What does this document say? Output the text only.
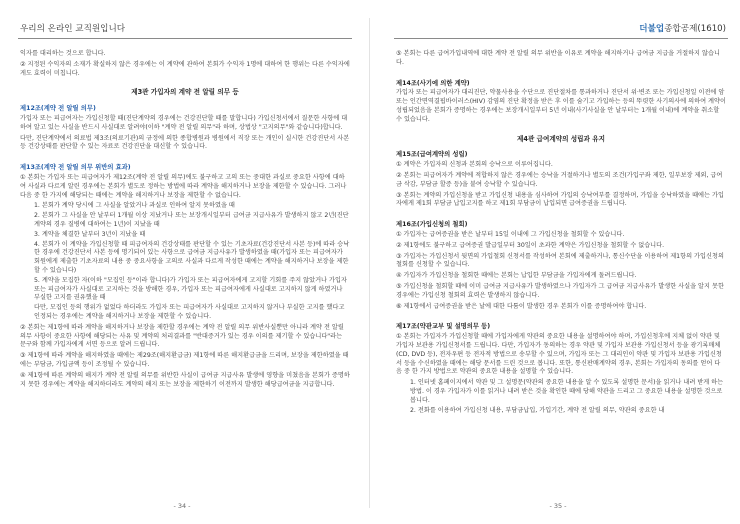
우리의 온라인 교직원입니다

익자를 대리하는 것으로 합니다.

② 지정된 수익자의 소재가 확실하지 않은 경우에는 이 계약에 관하여 본회가 수익자 1명에 대하여 한 행위는 다른 수익자에게도 효력이 미칩니다.

제3관 가입자의 계약 전 알릴 의무 등
제12조(계약 전 알릴 의무)

가입자 또는 피급여자는 가입신청할 때(진단계약의 경우에는 건강진단할 때를 말합니다) 가입신청서에서 질문한 사항에 대하여 알고 있는 사실을 반드시 사실대로 알려야(이하 "계약 전 알릴 의무"라 하며, 상법상 "고지의무"와 같습니다)합니다.

다만, 진단계약에서 의료법 제3조(의료기관)의 규정에 의한 종합병원과 병원에서 직장 또는 개인이 실시한 건강진단서 사본 등 건강상태를 판단할 수 있는 자료로 건강진단을 대신할 수 있습니다.

제13조(계약 전 알릴 의무 위반의 효과)

① 본회는 가입자 또는 피급여자가 제12조(계약 전 알릴 의무)에도 불구하고 고의 또는 중대한 과실로 중요한 사항에 대하여 사실과 다르게 알린 경우에는 본회가 별도로 정하는 방법에 따라 계약을 해지하거나 보장을 제한할 수 있습니다. 그러나 다음 중 한 가지에 해당되는 때에는 계약을 해지하거나 보장을 제한할 수 없습니다.

1. 본회가 계약 당시에 그 사실을 알았거나 과실로 인하여 알지 못하였을 때

2. 본회가 그 사실을 안 날부터 1개월 이상 지났거나 또는 보장개시일부터 급여금 지급사유가 발생하지 않고 2년(진단계약의 경우 질병에 대하여는 1년)이 지났을 때

3. 계약을 체결한 날부터 3년이 지났을 때

4. 본회가 이 계약을 가입신청할 때 피급여자의 건강상태를 판단할 수 있는 기초자료(건강진단서 사본 등)에 따라 승낙한 경우에 건강진단서 사본 등에 명기되어 있는 사항으로 급여금 지급사유가 발생하였을 때(가입자 또는 피급여자가 회원에게 제출한 기초자료의 내용 중 중요사항을 고의로 사실과 다르게 작성한 때에는 계약을 해지하거나 보장을 제한할 수 있습니다)

5. 계약을 모집한 자(이하 "모집인 등"이라 합니다)가 가입자 또는 피급여자에게 고지할 기회를 주지 않았거나 가입자 또는 피급여자가 사실대로 고지하는 것을 방해한 경우, 가입자 또는 피급여자에게 사실대로 고지하지 않게 하였거나 부실한 고지를 권유했을 때

다만, 모집인 등의 행위가 없었다 하더라도 가입자 또는 피급여자가 사실대로 고지하지 않거나 부실한 고지를 했다고 인정되는 경우에는 계약을 해지하거나 보장을 제한할 수 있습니다.

② 본회는 제1항에 따라 계약을 해지하거나 보장을 제한할 경우에는 계약 전 알릴 의무 위반사실뿐만 아니라 계약 전 알릴 의무 사항이 중요한 사항에 해당되는 사유 및 계약의 처리결과를 "반대증거가 있는 경우 이의를 제기할 수 있습니다"라는 문구와 함께 가입자에게 서면 등으로 알려 드립니다.

③ 제1항에 따라 계약을 해지하였을 때에는 제29조(해지환급금) 제1항에 따른 해지환급금을 드리며, 보장을 제한하였을 때에는 부담금, 가입금액 등이 조정될 수 있습니다.

④ 제1항에 따른 계약의 해지가 계약 전 알릴 의무를 위반한 사실이 급여금 지급사유 발생에 영향을 미쳤음을 본회가 증명하지 못한 경우에는 계약을 해지하더라도 계약의 해지 또는 보장을 제한하기 이전까지 발생한 해당급여금을 지급합니다.

- 34 -
더불업종합공제(1610)

⑤ 본회는 다른 급여가입내역에 대한 계약 전 알릴 의무 위반을 이유로 계약을 해지하거나 급여금 지급을 거절하지 않습니다.

제14조(사기에 의한 계약)

가입자 또는 피급여자가 대리진단, 약물사용을 수단으로 진단절차를 통과하거나 진단서 위·변조 또는 가입신청일 이전에 암 또는 인간면역결핍바이러스(HIV) 감염의 진단 확정을 받은 후 이를 숨기고 가입하는 등의 뚜렷한 사기의사에 의하여 계약이 성립되었음을 본회가 증명하는 경우에는 보장개시일부터 5년 이내(사기사실을 안 날부터는 1개월 이내)에 계약을 취소할 수 있습니다.

제4관 급여계약의 성립과 유지
제15조(급여계약의 성립)

① 계약은 가입자의 신청과 본회의 승낙으로 이루어집니다.

② 본회는 피급여자가 계약에 적합하지 않은 경우에는 승낙을 거절하거나 별도의 조건(가입구좌 제한, 일부보장 제외, 급여금 삭감, 부담금 할증 등)을 붙여 승낙할 수 있습니다.

③ 본회는 계약의 가입신청을 받고 가입신청 내용을 심사하여 가입의 승낙여부를 결정하며, 가입을 승낙하였을 때에는 가입자에게 제1회 부담금 납입고지를 하고 제1회 부담금이 납입되면 급여증권을 드립니다.

제16조(가입신청의 철회)

① 가입자는 급여증권을 받은 날부터 15일 이내에 그 가입신청을 철회할 수 있습니다.

② 제1항에도 불구하고 급여증권 발급일부터 30일이 초과한 계약은 가입신청을 철회할 수 없습니다.

③ 가입자는 가입신청서 뒷면의 가입철회 신청서를 작성하여 본회에 제출하거나, 통신수단을 이용하여 제1항의 가입신청의 철회를 신청할 수 있습니다.

④ 가입자가 가입신청을 철회한 때에는 본회는 납입한 부담금을 가입자에게 돌려드립니다.

⑤ 가입신청을 철회할 때에 이미 급여금 지급사유가 발생하였으나 가입자가 그 급여금 지급사유가 발생한 사실을 알지 못한 경우에는 가입신청 철회의 효력은 발생하지 않습니다.

⑥ 제1항에서 급여증권을 받은 날에 대한 다툼이 발생한 경우 본회가 이를 증명하여야 합니다.

제17조(약관교부 및 설명의무 등)

① 본회는 가입자가 가입신청할 때에 가입자에게 약관의 중요한 내용을 설명하여야 하며, 가입신청후에 지체 없이 약관 및 가입자 보관용 가입신청서를 드립니다. 다만, 가입자가 동의하는 경우 약관 및 가입자 보관용 가입신청서 등을 광기록매체(CD, DVD 등), 전자우편 등 전자적 방법으로 송부할 수 있으며, 가입자 또는 그 대리인이 약관 및 가입자 보관용 가입신청서 등을 수신하였을 때에는 해당 문서를 드린 것으로 봅니다. 또한, 통신판매계약의 경우, 본회는 가입자의 동의를 얻어 다음 중 한 가지 방법으로 약관의 중요한 내용을 설명할 수 있습니다.

1. 인터넷 홈페이지에서 약관 및 그 설명문(약관의 중요한 내용을 알 수 있도록 설명한 문서)을 읽거나 내려 받게 하는 방법. 이 경우 가입자가 이를 읽거나 내려 받은 것을 확인한 때에 당해 약관을 드리고 그 중요한 내용을 설명한 것으로 봅니다.

2. 전화를 이용하여 가입신청 내용, 부담금납입, 가입기간, 계약 전 알릴 의무, 약관의 중요한 내

- 35 -
